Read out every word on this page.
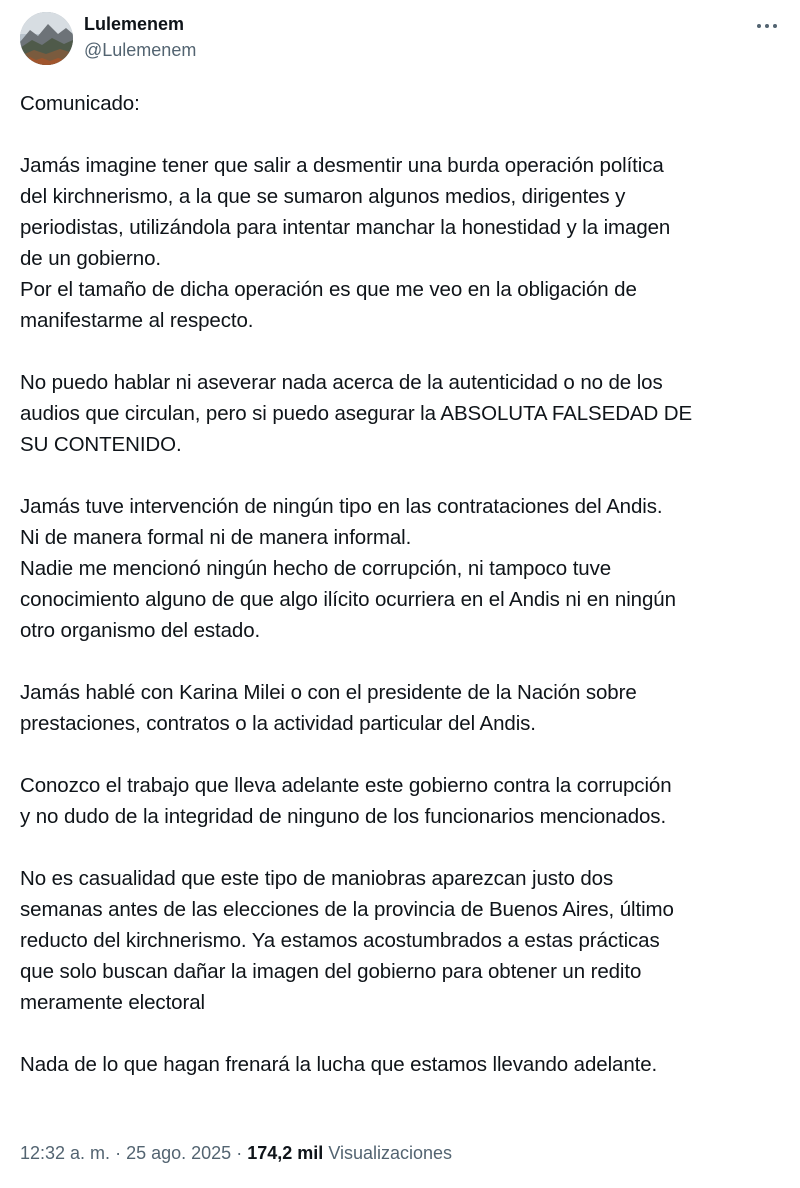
Lulemenem
@Lulemenem

Comunicado:

Jamás imagine tener que salir a desmentir una burda operación política
del kirchnerismo, a la que se sumaron algunos medios, dirigentes y
periodistas, utilizándola para intentar manchar la honestidad y la imagen
de un gobierno.
Por el tamaño de dicha operación es que me veo en la obligación de
manifestarme al respecto.

No puedo hablar ni aseverar nada acerca de la autenticidad o no de los
audios que circulan, pero si puedo asegurar la ABSOLUTA FALSEDAD DE
SU CONTENIDO.

Jamás tuve intervención de ningún tipo en las contrataciones del Andis.
Ni de manera formal ni de manera informal.
Nadie me mencionó ningún hecho de corrupción, ni tampoco tuve
conocimiento alguno de que algo ilícito ocurriera en el Andis ni en ningún
otro organismo del estado.

Jamás hablé con Karina Milei o con el presidente de la Nación sobre
prestaciones, contratos o la actividad particular del Andis.

Conozco el trabajo que lleva adelante este gobierno contra la corrupción
y no dudo de la integridad de ninguno de los funcionarios mencionados.

No es casualidad que este tipo de maniobras aparezcan justo dos
semanas antes de las elecciones de la provincia de Buenos Aires, último
reducto del kirchnerismo. Ya estamos acostumbrados a estas prácticas
que solo buscan dañar la imagen del gobierno para obtener un redito
meramente electoral

Nada de lo que hagan frenará la lucha que estamos llevando adelante.

12:32 a. m. · 25 ago. 2025 · 174,2 mil Visualizaciones
